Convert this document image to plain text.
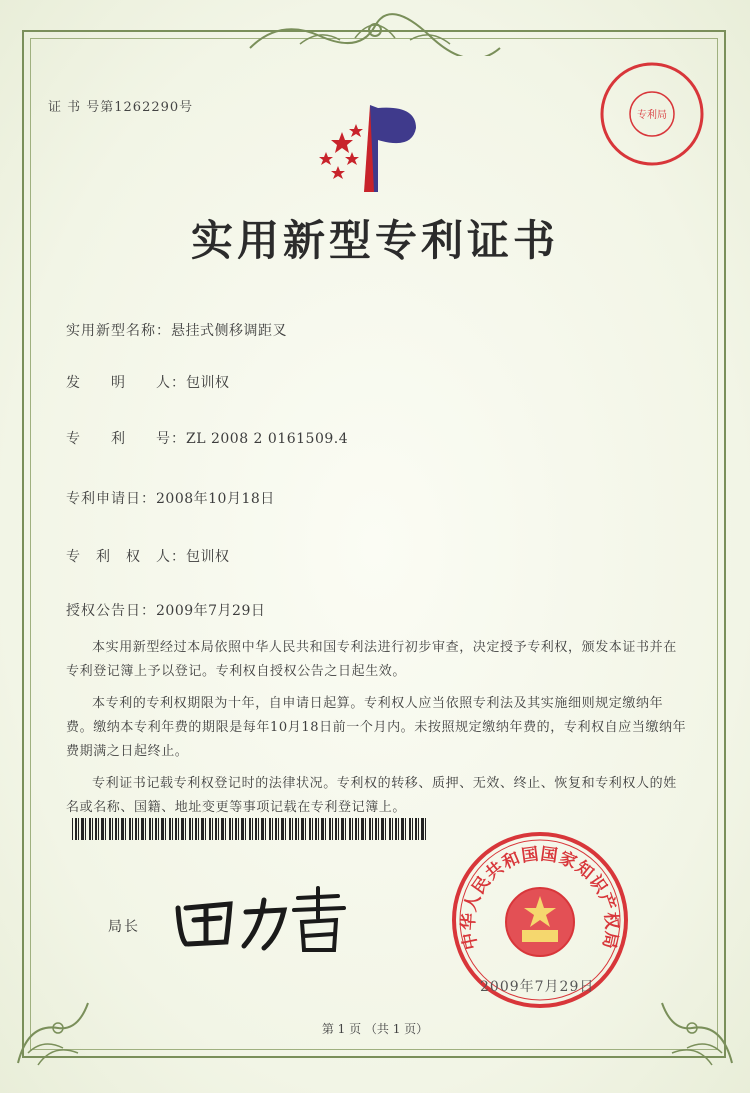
证 书 号第1262290号
实用新型专利证书
专利局
实用新型名称：悬挂式侧移调距叉
发　　明　　人：包训权
专　　利　　号：ZL 2008 2 0161509.4
专利申请日：2008年10月18日
专　利　权　人：包训权
授权公告日：2009年7月29日

本实用新型经过本局依照中华人民共和国专利法进行初步审查，决定授予专利权，颁发本证书并在专利登记簿上予以登记。专利权自授权公告之日起生效。

本专利的专利权期限为十年，自申请日起算。专利权人应当依照专利法及其实施细则规定缴纳年费。缴纳本专利年费的期限是每年10月18日前一个月内。未按照规定缴纳年费的，专利权自应当缴纳年费期满之日起终止。

专利证书记载专利权登记时的法律状况。专利权的转移、质押、无效、终止、恢复和专利权人的姓名或名称、国籍、地址变更等事项记载在专利登记簿上。

局长
中华人民共和国国家知识产权局
2009年7月29日
第 1 页 （共 1 页）
